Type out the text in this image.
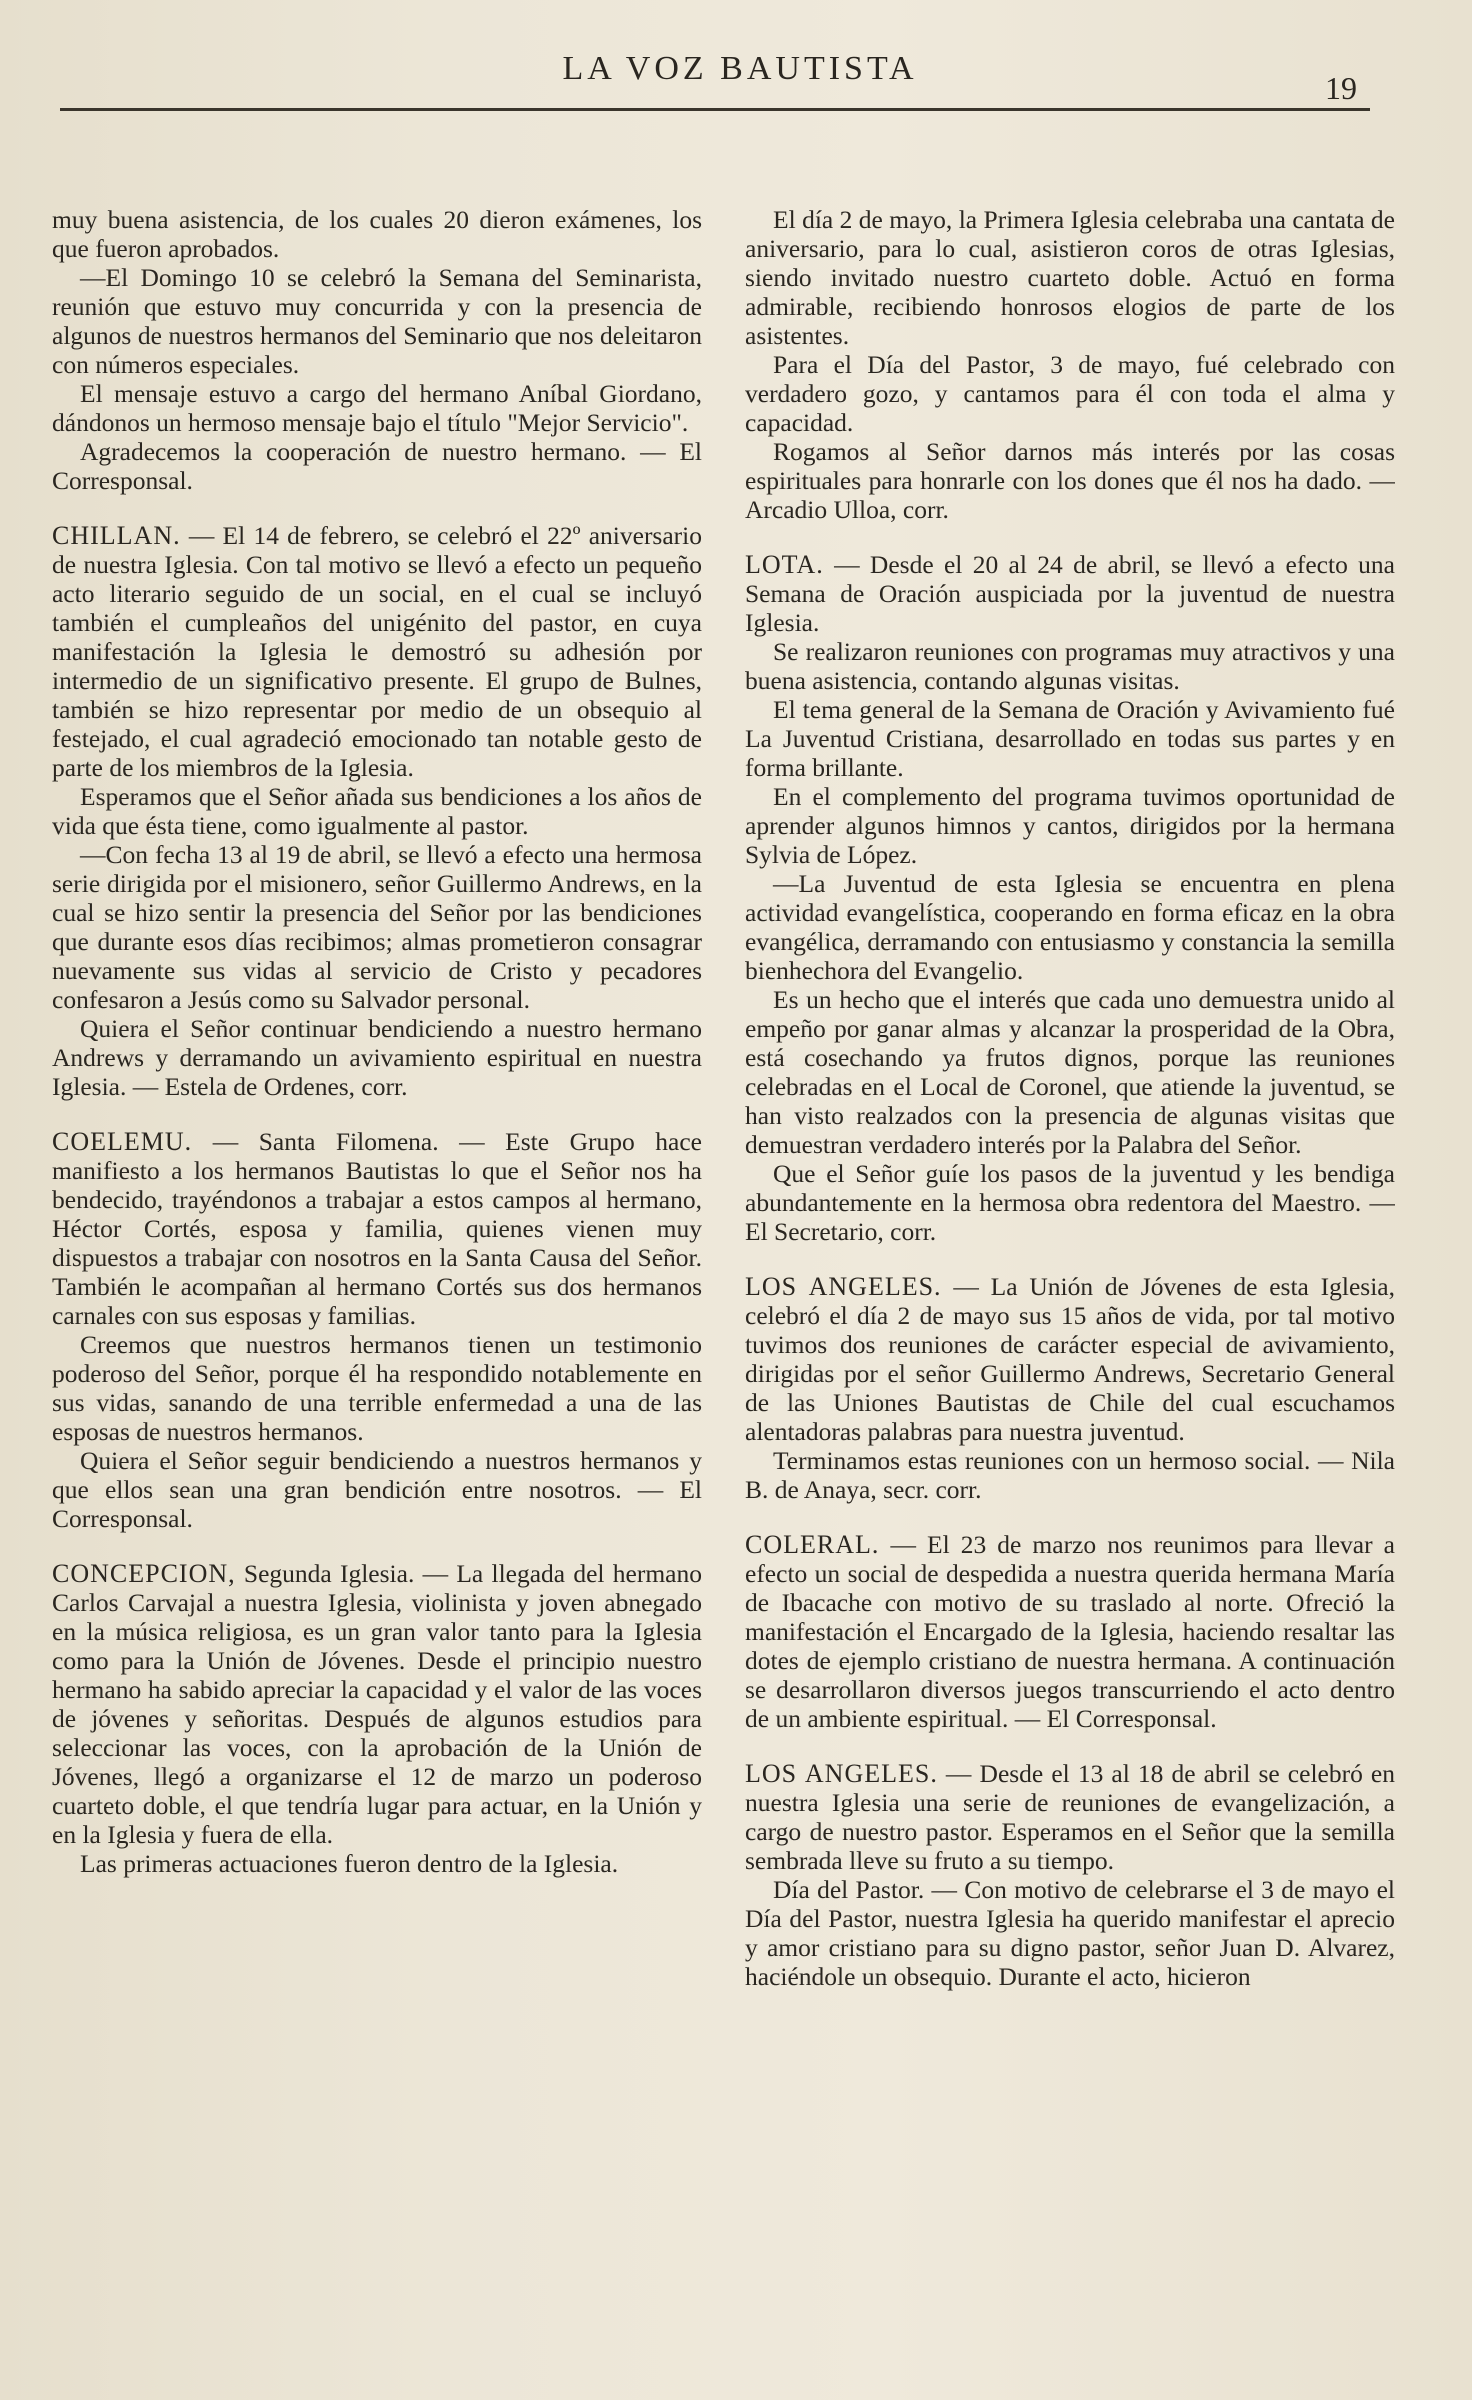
LA VOZ BAUTISTA
19

muy buena asistencia, de los cuales 20 dieron exámenes, los que fueron aprobados.

—El Domingo 10 se celebró la Semana del Seminarista, reunión que estuvo muy concurrida y con la presencia de algunos de nuestros hermanos del Seminario que nos deleitaron con números especiales.

El mensaje estuvo a cargo del hermano Aníbal Giordano, dándonos un hermoso mensaje bajo el título "Mejor Servicio".

Agradecemos la cooperación de nuestro hermano. — El Corresponsal.

CHILLAN. — El 14 de febrero, se celebró el 22º aniversario de nuestra Iglesia. Con tal motivo se llevó a efecto un pequeño acto literario seguido de un social, en el cual se incluyó también el cumpleaños del unigénito del pastor, en cuya manifestación la Iglesia le demostró su adhesión por intermedio de un significativo presente. El grupo de Bulnes, también se hizo representar por medio de un obsequio al festejado, el cual agradeció emocionado tan notable gesto de parte de los miembros de la Iglesia.

Esperamos que el Señor añada sus bendiciones a los años de vida que ésta tiene, como igualmente al pastor.

—Con fecha 13 al 19 de abril, se llevó a efecto una hermosa serie dirigida por el misionero, señor Guillermo Andrews, en la cual se hizo sentir la presencia del Señor por las bendiciones que durante esos días recibimos; almas prometieron consagrar nuevamente sus vidas al servicio de Cristo y pecadores confesaron a Jesús como su Salvador personal.

Quiera el Señor continuar bendiciendo a nuestro hermano Andrews y derramando un avivamiento espiritual en nuestra Iglesia. — Estela de Ordenes, corr.

COELEMU. — Santa Filomena. — Este Grupo hace manifiesto a los hermanos Bautistas lo que el Señor nos ha bendecido, trayéndonos a trabajar a estos campos al hermano, Héctor Cortés, esposa y familia, quienes vienen muy dispuestos a trabajar con nosotros en la Santa Causa del Señor. También le acompañan al hermano Cortés sus dos hermanos carnales con sus esposas y familias.

Creemos que nuestros hermanos tienen un testimonio poderoso del Señor, porque él ha respondido notablemente en sus vidas, sanando de una terrible enfermedad a una de las esposas de nuestros hermanos.

Quiera el Señor seguir bendiciendo a nuestros hermanos y que ellos sean una gran bendición entre nosotros. — El Corresponsal.

CONCEPCION, Segunda Iglesia. — La llegada del hermano Carlos Carvajal a nuestra Iglesia, violinista y joven abnegado en la música religiosa, es un gran valor tanto para la Iglesia como para la Unión de Jóvenes. Desde el principio nuestro hermano ha sabido apreciar la capacidad y el valor de las voces de jóvenes y señoritas. Después de algunos estudios para seleccionar las voces, con la aprobación de la Unión de Jóvenes, llegó a organizarse el 12 de marzo un poderoso cuarteto doble, el que tendría lugar para actuar, en la Unión y en la Iglesia y fuera de ella.

Las primeras actuaciones fueron dentro de la Iglesia.

El día 2 de mayo, la Primera Iglesia celebraba una cantata de aniversario, para lo cual, asistieron coros de otras Iglesias, siendo invitado nuestro cuarteto doble. Actuó en forma admirable, recibiendo honrosos elogios de parte de los asistentes.

Para el Día del Pastor, 3 de mayo, fué celebrado con verdadero gozo, y cantamos para él con toda el alma y capacidad.

Rogamos al Señor darnos más interés por las cosas espirituales para honrarle con los dones que él nos ha dado. — Arcadio Ulloa, corr.

LOTA. — Desde el 20 al 24 de abril, se llevó a efecto una Semana de Oración auspiciada por la juventud de nuestra Iglesia.

Se realizaron reuniones con programas muy atractivos y una buena asistencia, contando algunas visitas.

El tema general de la Semana de Oración y Avivamiento fué La Juventud Cristiana, desarrollado en todas sus partes y en forma brillante.

En el complemento del programa tuvimos oportunidad de aprender algunos himnos y cantos, dirigidos por la hermana Sylvia de López.

—La Juventud de esta Iglesia se encuentra en plena actividad evangelística, cooperando en forma eficaz en la obra evangélica, derramando con entusiasmo y constancia la semilla bienhechora del Evangelio.

Es un hecho que el interés que cada uno demuestra unido al empeño por ganar almas y alcanzar la prosperidad de la Obra, está cosechando ya frutos dignos, porque las reuniones celebradas en el Local de Coronel, que atiende la juventud, se han visto realzados con la presencia de algunas visitas que demuestran verdadero interés por la Palabra del Señor.

Que el Señor guíe los pasos de la juventud y les bendiga abundantemente en la hermosa obra redentora del Maestro. — El Secretario, corr.

LOS ANGELES. — La Unión de Jóvenes de esta Iglesia, celebró el día 2 de mayo sus 15 años de vida, por tal motivo tuvimos dos reuniones de carácter especial de avivamiento, dirigidas por el señor Guillermo Andrews, Secretario General de las Uniones Bautistas de Chile del cual escuchamos alentadoras palabras para nuestra juventud.

Terminamos estas reuniones con un hermoso social. — Nila B. de Anaya, secr. corr.

COLERAL. — El 23 de marzo nos reunimos para llevar a efecto un social de despedida a nuestra querida hermana María de Ibacache con motivo de su traslado al norte. Ofreció la manifestación el Encargado de la Iglesia, haciendo resaltar las dotes de ejemplo cristiano de nuestra hermana. A continuación se desarrollaron diversos juegos transcurriendo el acto dentro de un ambiente espiritual. — El Corresponsal.

LOS ANGELES. — Desde el 13 al 18 de abril se celebró en nuestra Iglesia una serie de reuniones de evangelización, a cargo de nuestro pastor. Esperamos en el Señor que la semilla sembrada lleve su fruto a su tiempo.

Día del Pastor. — Con motivo de celebrarse el 3 de mayo el Día del Pastor, nuestra Iglesia ha querido manifestar el aprecio y amor cristiano para su digno pastor, señor Juan D. Alvarez, haciéndole un obsequio. Durante el acto, hicieron
